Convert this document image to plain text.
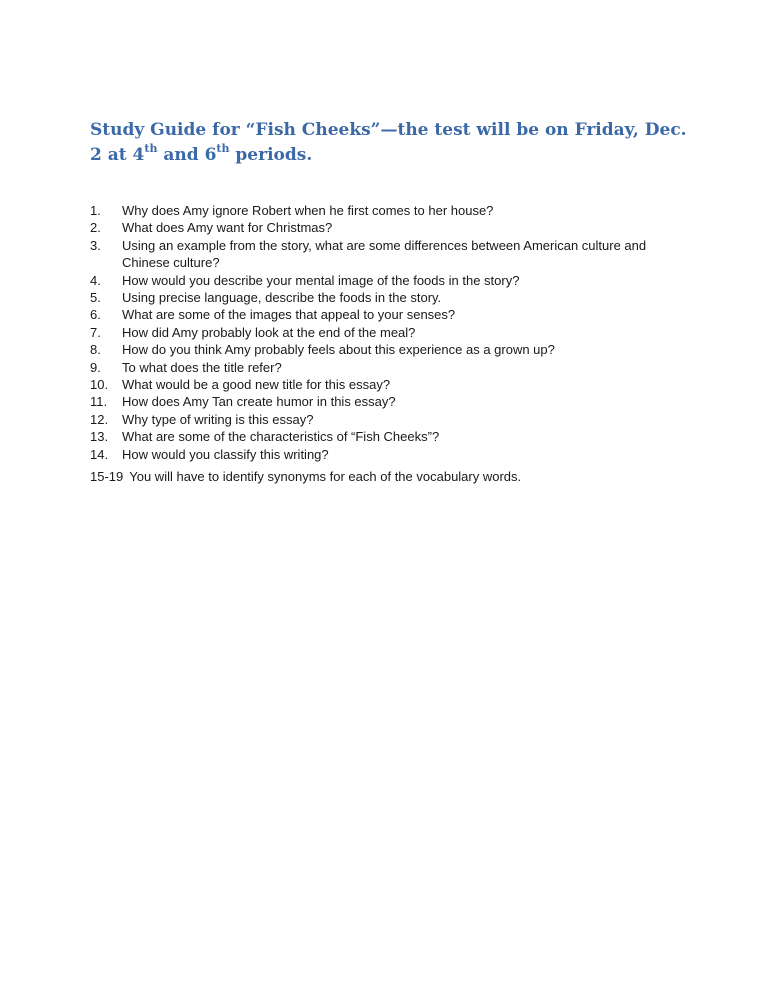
Study Guide for “Fish Cheeks”—the test will be on Friday, Dec. 2 at 4th and 6th periods.
1.	Why does Amy ignore Robert when he first comes to her house?
2.	What does Amy want for Christmas?
3.	Using an example from the story, what are some differences between American culture and Chinese culture?
4.	How would you describe your mental image of the foods in the story?
5.	Using precise language, describe the foods in the story.
6.	What are some of the images that appeal to your senses?
7.	How did Amy probably look at the end of the meal?
8.	How do you think Amy probably feels about this experience as a grown up?
9.	To what does the title refer?
10.	What would be a good new title for this essay?
11.	How does Amy Tan create humor in this essay?
12.	Why type of writing is this essay?
13.	What are some of the characteristics of “Fish Cheeks”?
14.	How would you classify this writing?

15-19 You will have to identify synonyms for each of the vocabulary words.
